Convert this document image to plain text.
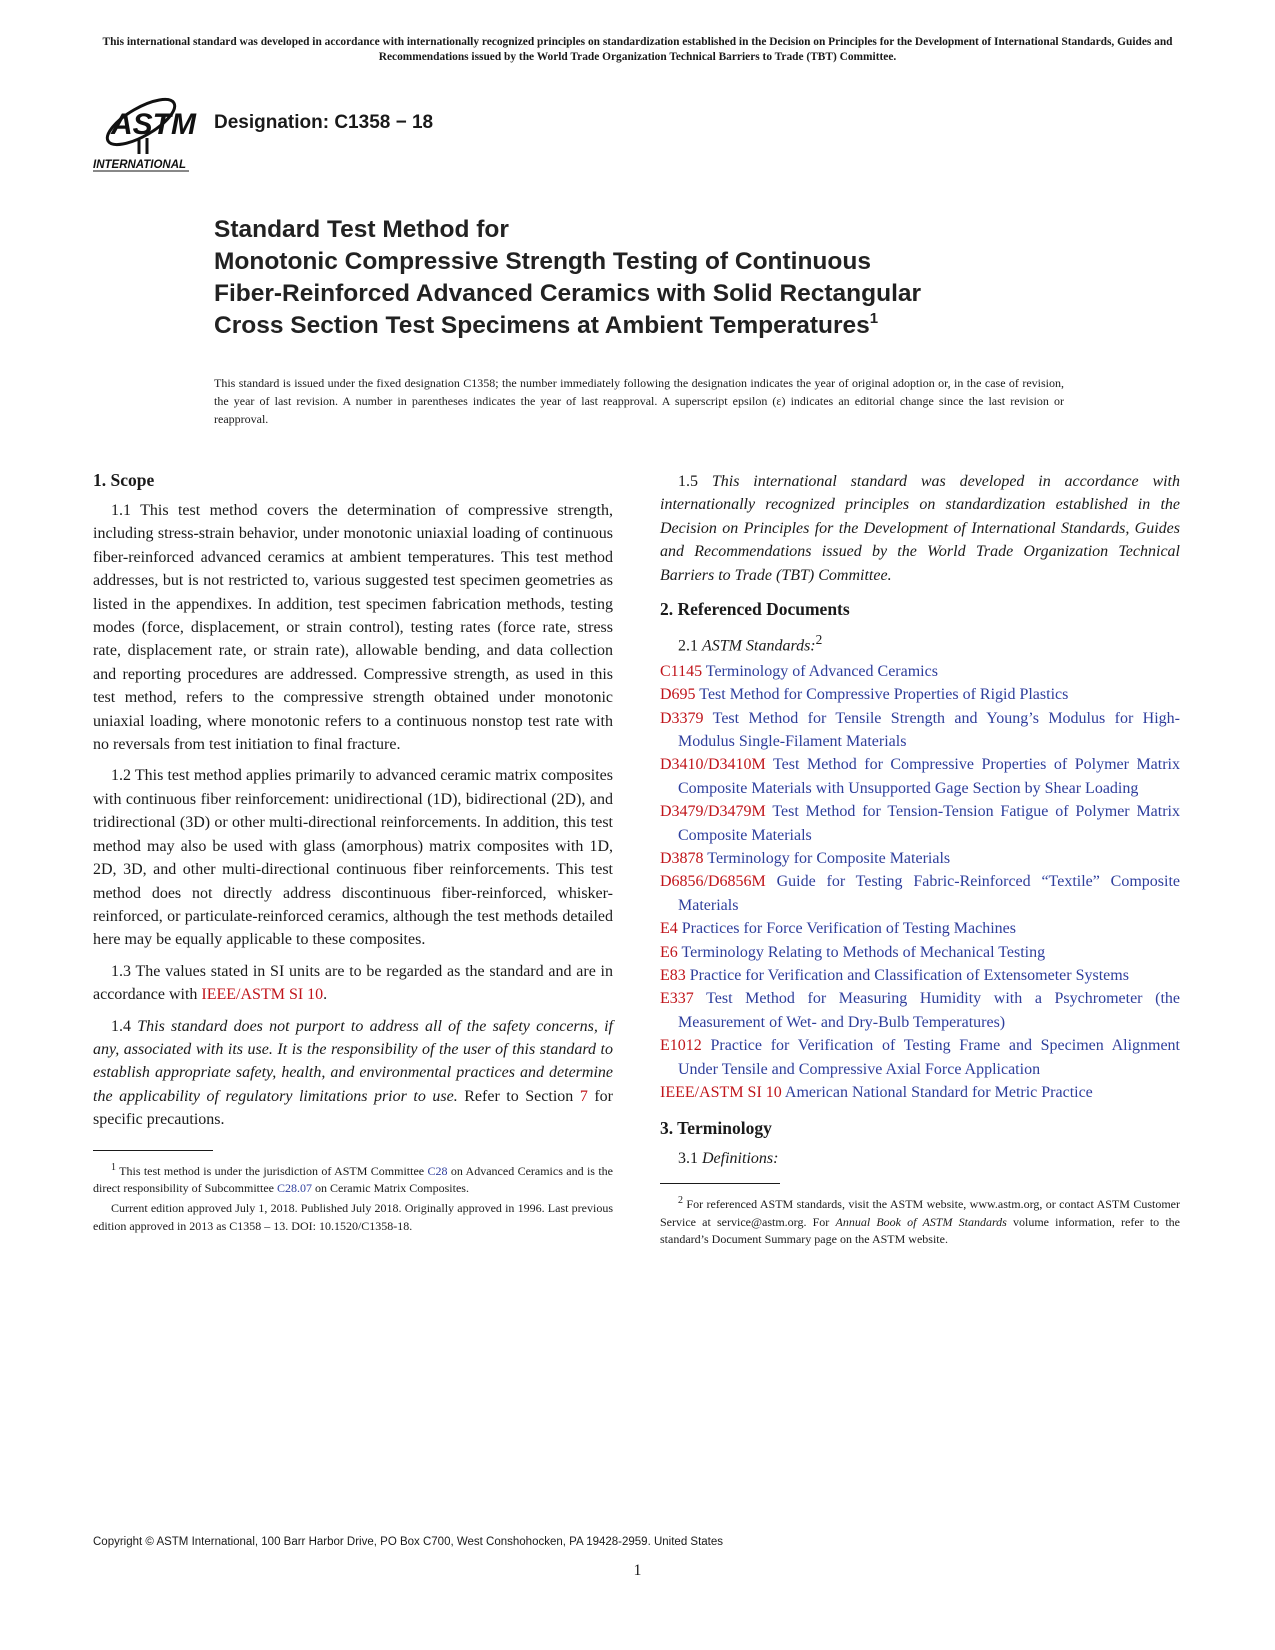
This international standard was developed in accordance with internationally recognized principles on standardization established in the Decision on Principles for the Development of International Standards, Guides and Recommendations issued by the World Trade Organization Technical Barriers to Trade (TBT) Committee.
ASTM
INTERNATIONAL
Designation: C1358 − 18
Standard Test Method for
Monotonic Compressive Strength Testing of Continuous
Fiber-Reinforced Advanced Ceramics with Solid Rectangular
Cross Section Test Specimens at Ambient Temperatures$^1$
This standard is issued under the fixed designation C1358; the number immediately following the designation indicates the year of original adoption or, in the case of revision, the year of last revision. A number in parentheses indicates the year of last reapproval. A superscript epsilon (ε) indicates an editorial change since the last revision or reapproval.
1. Scope

1.1 This test method covers the determination of compressive strength, including stress-strain behavior, under monotonic uniaxial loading of continuous fiber-reinforced advanced ceramics at ambient temperatures. This test method addresses, but is not restricted to, various suggested test specimen geometries as listed in the appendixes. In addition, test specimen fabrication methods, testing modes (force, displacement, or strain control), testing rates (force rate, stress rate, displacement rate, or strain rate), allowable bending, and data collection and reporting procedures are addressed. Compressive strength, as used in this test method, refers to the compressive strength obtained under monotonic uniaxial loading, where monotonic refers to a continuous nonstop test rate with no reversals from test initiation to final fracture.

1.2 This test method applies primarily to advanced ceramic matrix composites with continuous fiber reinforcement: unidirectional (1D), bidirectional (2D), and tridirectional (3D) or other multi-directional reinforcements. In addition, this test method may also be used with glass (amorphous) matrix composites with 1D, 2D, 3D, and other multi-directional continuous fiber reinforcements. This test method does not directly address discontinuous fiber-reinforced, whisker-reinforced, or particulate-reinforced ceramics, although the test methods detailed here may be equally applicable to these composites.

1.3 The values stated in SI units are to be regarded as the standard and are in accordance with IEEE/ASTM SI 10.

1.4 This standard does not purport to address all of the safety concerns, if any, associated with its use. It is the responsibility of the user of this standard to establish appropriate safety, health, and environmental practices and determine the applicability of regulatory limitations prior to use. Refer to Section 7 for specific precautions.

$^1$ This test method is under the jurisdiction of ASTM Committee C28 on Advanced Ceramics and is the direct responsibility of Subcommittee C28.07 on Ceramic Matrix Composites.
Current edition approved July 1, 2018. Published July 2018. Originally approved in 1996. Last previous edition approved in 2013 as C1358 – 13. DOI: 10.1520/C1358-18.

1.5 This international standard was developed in accordance with internationally recognized principles on standardization established in the Decision on Principles for the Development of International Standards, Guides and Recommendations issued by the World Trade Organization Technical Barriers to Trade (TBT) Committee.

2. Referenced Documents
2.1 ASTM Standards:$^2$
C1145 Terminology of Advanced Ceramics
D695 Test Method for Compressive Properties of Rigid Plastics
D3379 Test Method for Tensile Strength and Young’s Modulus for High-Modulus Single-Filament Materials
D3410/D3410M Test Method for Compressive Properties of Polymer Matrix Composite Materials with Unsupported Gage Section by Shear Loading
D3479/D3479M Test Method for Tension-Tension Fatigue of Polymer Matrix Composite Materials
D3878 Terminology for Composite Materials
D6856/D6856M Guide for Testing Fabric-Reinforced “Textile” Composite Materials
E4 Practices for Force Verification of Testing Machines
E6 Terminology Relating to Methods of Mechanical Testing
E83 Practice for Verification and Classification of Extensometer Systems
E337 Test Method for Measuring Humidity with a Psychrometer (the Measurement of Wet- and Dry-Bulb Temperatures)
E1012 Practice for Verification of Testing Frame and Specimen Alignment Under Tensile and Compressive Axial Force Application
IEEE/ASTM SI 10 American National Standard for Metric Practice
3. Terminology
3.1 Definitions:
$^2$ For referenced ASTM standards, visit the ASTM website, www.astm.org, or contact ASTM Customer Service at service@astm.org. For Annual Book of ASTM Standards volume information, refer to the standard’s Document Summary page on the ASTM website.
Copyright © ASTM International, 100 Barr Harbor Drive, PO Box C700, West Conshohocken, PA 19428-2959. United States
1
